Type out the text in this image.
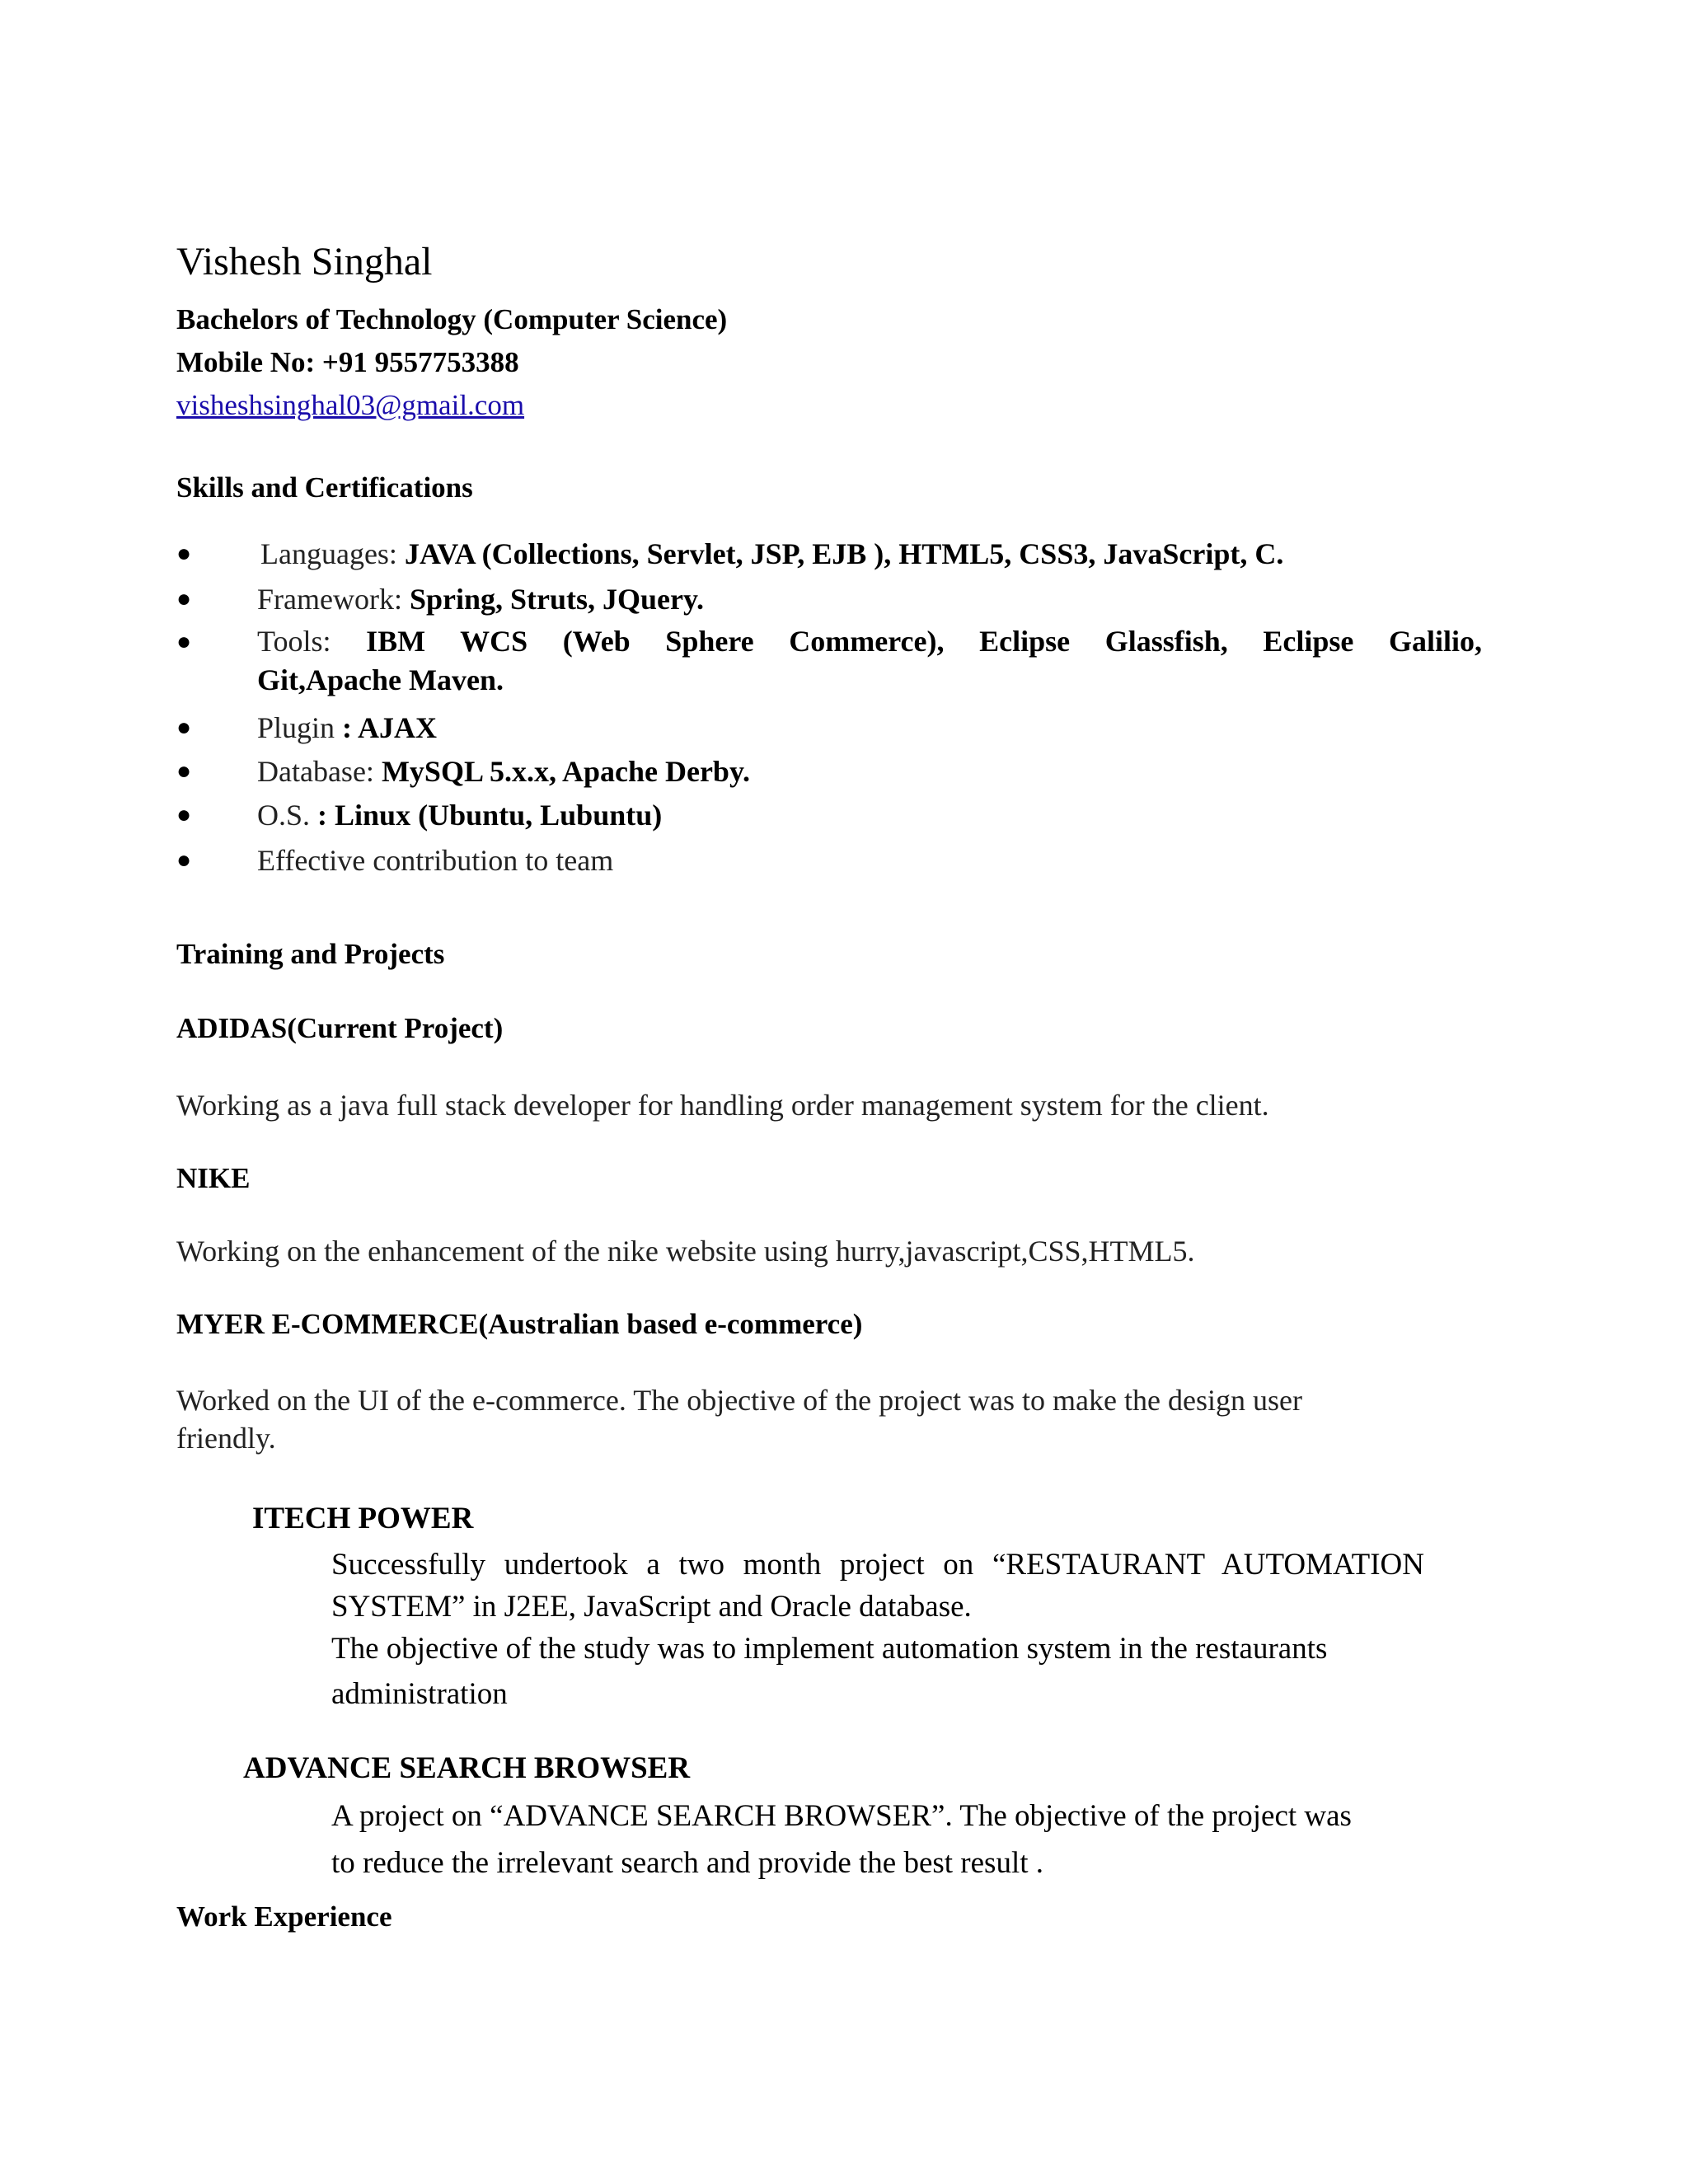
Vishesh Singhal
Bachelors of Technology (Computer Science)
Mobile No: +91 9557753388
visheshsinghal03@gmail.com
Skills and Certifications
● Languages: JAVA (Collections, Servlet, JSP, EJB ), HTML5, CSS3, JavaScript, C.
● Framework: Spring, Struts, JQuery.
● Tools: IBM WCS (Web Sphere Commerce), Eclipse Glassfish, Eclipse Galilio,
Git,Apache Maven.
● Plugin : AJAX
● Database: MySQL 5.x.x, Apache Derby.
● O.S. : Linux (Ubuntu, Lubuntu)
● Effective contribution to team
Training and Projects
ADIDAS(Current Project)
Working as a java full stack developer for handling order management system for the client.
NIKE
Working on the enhancement of the nike website using hurry,javascript,CSS,HTML5.
MYER E-COMMERCE(Australian based e-commerce)
Worked on the UI of the e-commerce. The objective of the project was to make the design user
friendly.
ITECH POWER
Successfully undertook a two month project on “RESTAURANT AUTOMATION
SYSTEM” in J2EE, JavaScript and Oracle database.
The objective of the study was to implement automation system in the restaurants
administration
ADVANCE SEARCH BROWSER
A project on “ADVANCE SEARCH BROWSER”. The objective of the project was
to reduce the irrelevant search and provide the best result .
Work Experience
